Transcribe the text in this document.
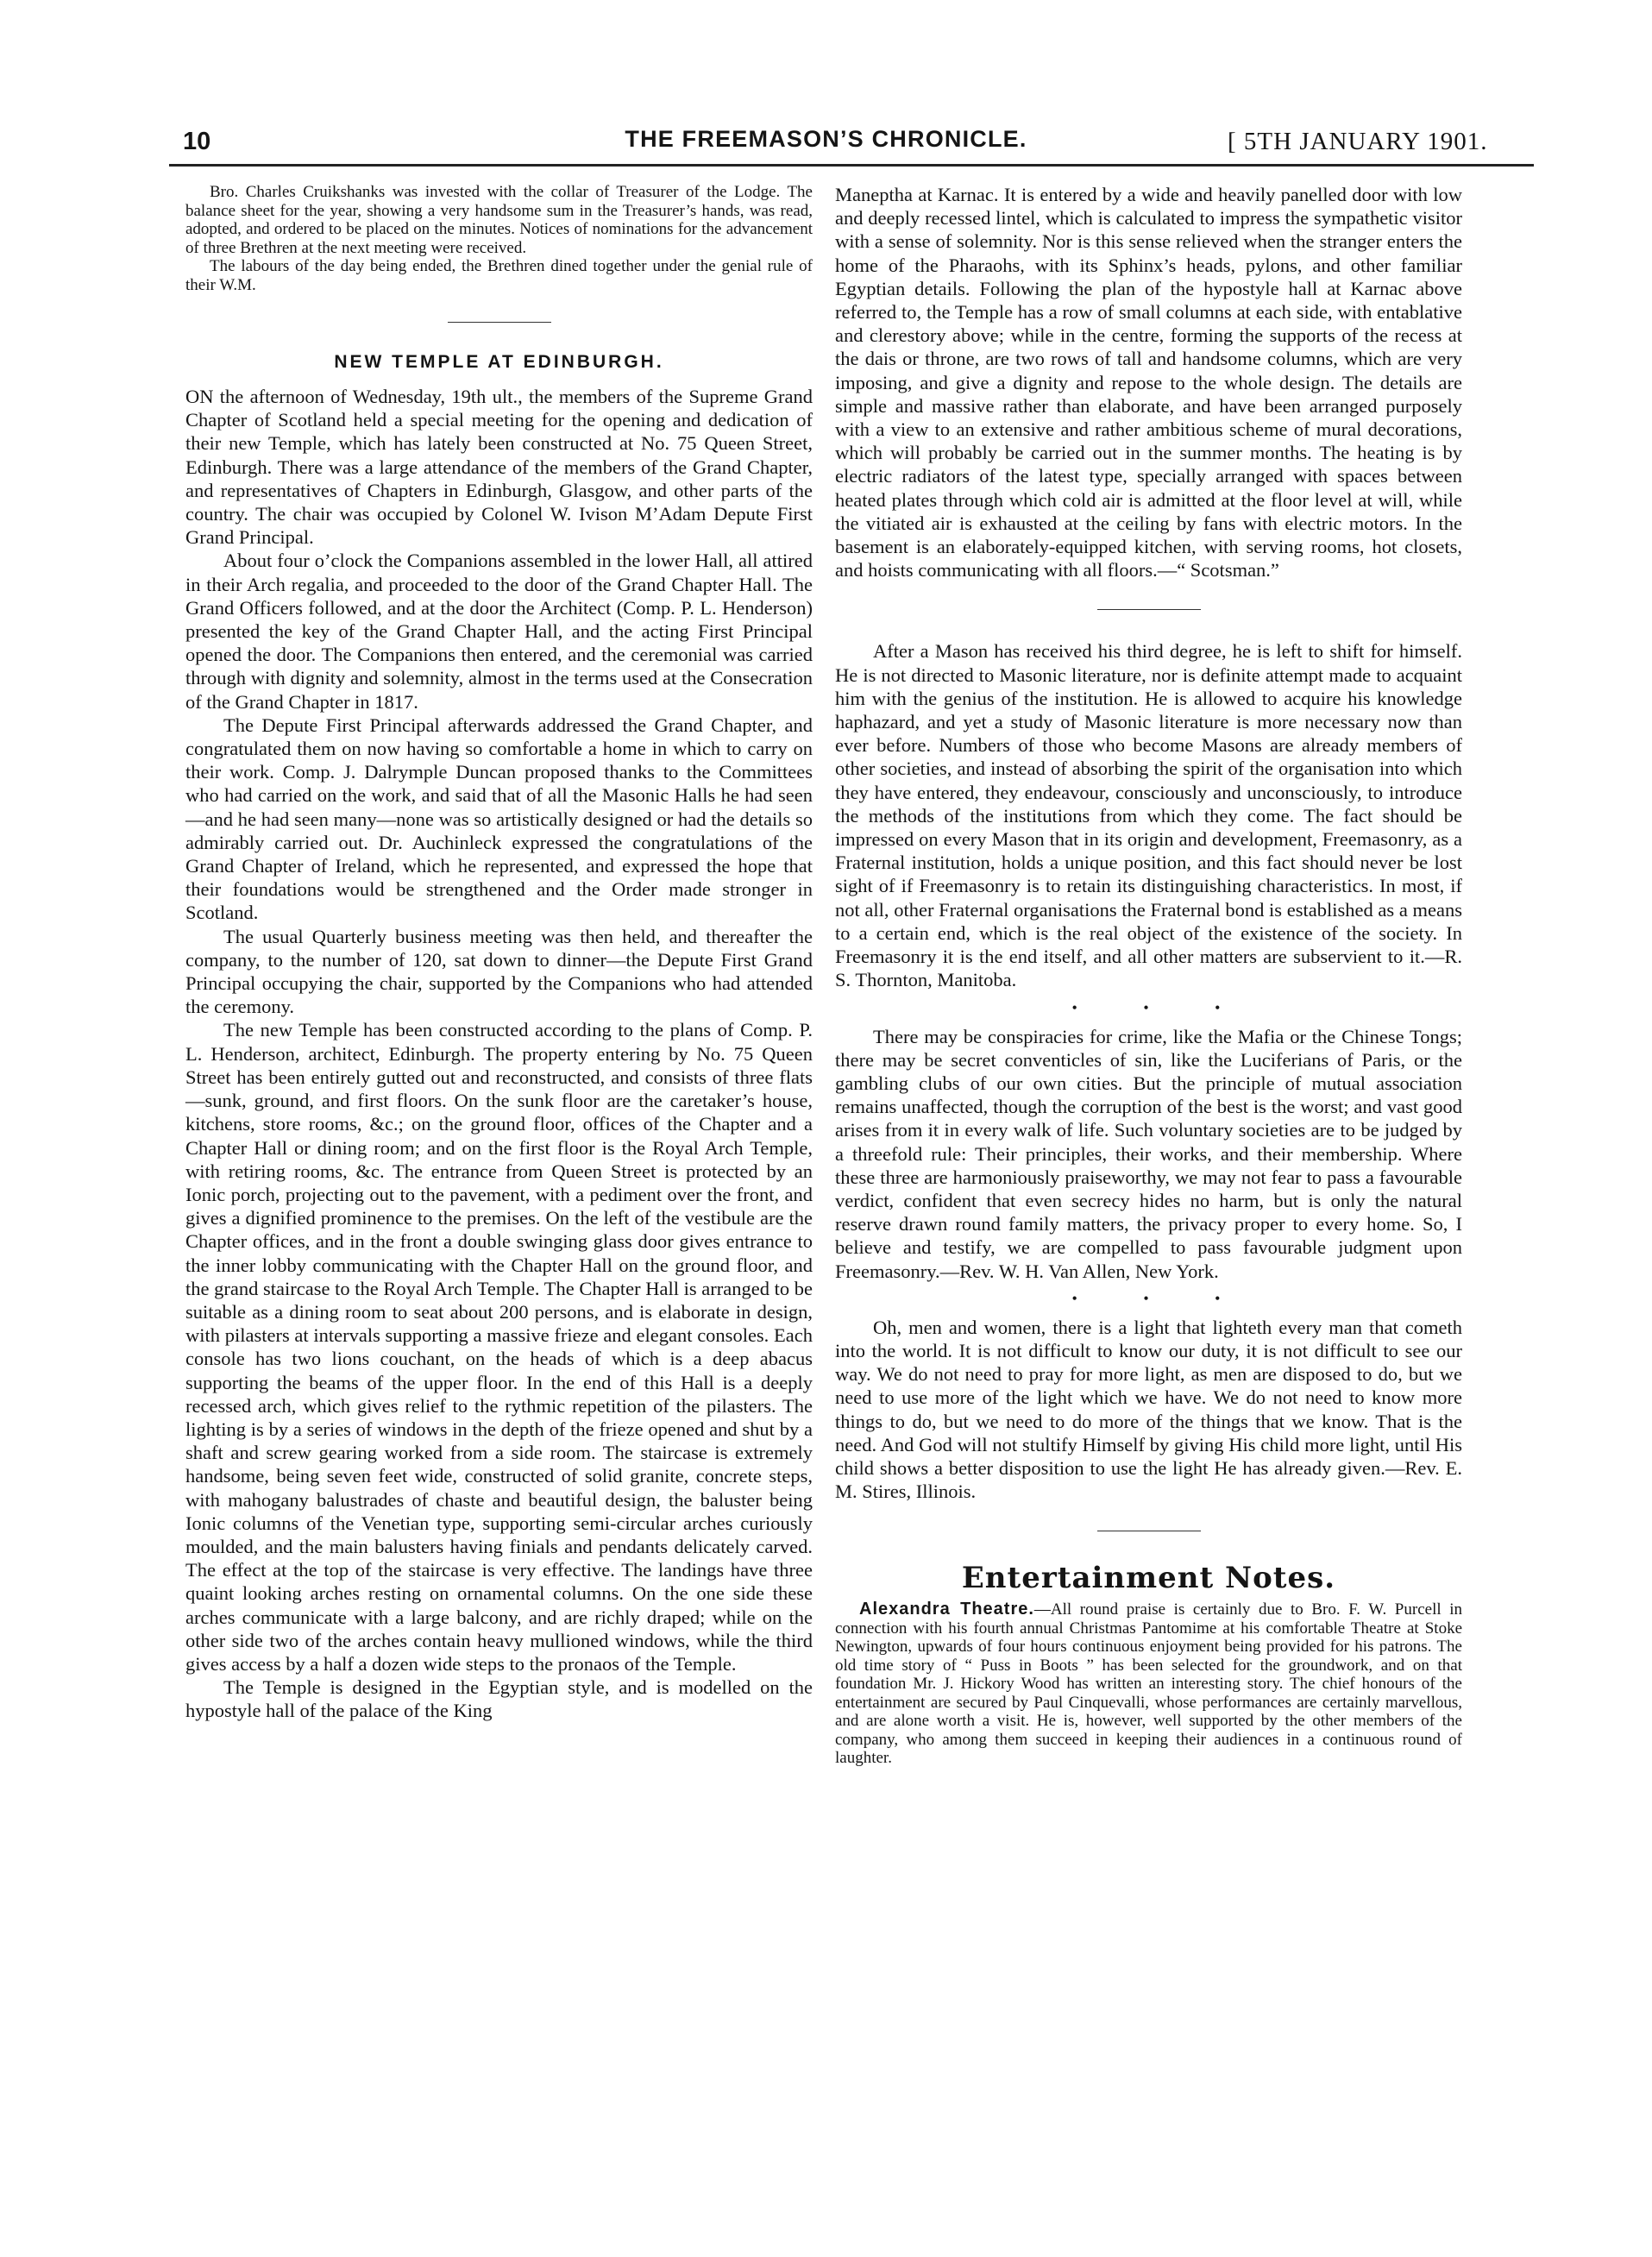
10	THE FREEMASON’S CHRONICLE.	[ 5TH JANUARY 1901.

Bro. Charles Cruikshanks was invested with the collar of Treasurer of the Lodge. The balance sheet for the year, showing a very handsome sum in the Treasurer’s hands, was read, adopted, and ordered to be placed on the minutes. Notices of nominations for the advancement of three Brethren at the next meeting were received.

The labours of the day being ended, the Brethren dined together under the genial rule of their W.M.

NEW TEMPLE AT EDINBURGH.

ON the afternoon of Wednesday, 19th ult., the members of the Supreme Grand Chapter of Scotland held a special meeting for the opening and dedication of their new Temple, which has lately been constructed at No. 75 Queen Street, Edinburgh. There was a large attendance of the members of the Grand Chapter, and representatives of Chapters in Edinburgh, Glasgow, and other parts of the country. The chair was occupied by Colonel W. Ivison M’Adam Depute First Grand Principal.

About four o’clock the Companions assembled in the lower Hall, all attired in their Arch regalia, and proceeded to the door of the Grand Chapter Hall. The Grand Officers followed, and at the door the Architect (Comp. P. L. Henderson) presented the key of the Grand Chapter Hall, and the acting First Principal opened the door. The Companions then entered, and the ceremonial was carried through with dignity and solemnity, almost in the terms used at the Consecration of the Grand Chapter in 1817.

The Depute First Principal afterwards addressed the Grand Chapter, and congratulated them on now having so comfortable a home in which to carry on their work. Comp. J. Dalrymple Duncan proposed thanks to the Committees who had carried on the work, and said that of all the Masonic Halls he had seen—and he had seen many—none was so artistically designed or had the details so admirably carried out. Dr. Auchinleck expressed the congratulations of the Grand Chapter of Ireland, which he represented, and expressed the hope that their foundations would be strengthened and the Order made stronger in Scotland.

The usual Quarterly business meeting was then held, and thereafter the company, to the number of 120, sat down to dinner—the Depute First Grand Principal occupying the chair, supported by the Companions who had attended the ceremony.

The new Temple has been constructed according to the plans of Comp. P. L. Henderson, architect, Edinburgh. The property entering by No. 75 Queen Street has been entirely gutted out and reconstructed, and consists of three flats—sunk, ground, and first floors. On the sunk floor are the caretaker’s house, kitchens, store rooms, &c.; on the ground floor, offices of the Chapter and a Chapter Hall or dining room; and on the first floor is the Royal Arch Temple, with retiring rooms, &c. The entrance from Queen Street is protected by an Ionic porch, projecting out to the pavement, with a pediment over the front, and gives a dignified prominence to the premises. On the left of the vestibule are the Chapter offices, and in the front a double swinging glass door gives entrance to the inner lobby communicating with the Chapter Hall on the ground floor, and the grand staircase to the Royal Arch Temple. The Chapter Hall is arranged to be suitable as a dining room to seat about 200 persons, and is elaborate in design, with pilasters at intervals supporting a massive frieze and elegant consoles. Each console has two lions couchant, on the heads of which is a deep abacus supporting the beams of the upper floor. In the end of this Hall is a deeply recessed arch, which gives relief to the rythmic repetition of the pilasters. The lighting is by a series of windows in the depth of the frieze opened and shut by a shaft and screw gearing worked from a side room. The staircase is extremely handsome, being seven feet wide, constructed of solid granite, concrete steps, with mahogany balustrades of chaste and beautiful design, the baluster being Ionic columns of the Venetian type, supporting semi-circular arches curiously moulded, and the main balusters having finials and pendants delicately carved. The effect at the top of the staircase is very effective. The landings have three quaint looking arches resting on ornamental columns. On the one side these arches communicate with a large balcony, and are richly draped; while on the other side two of the arches contain heavy mullioned windows, while the third gives access by a half a dozen wide steps to the pronaos of the Temple.

The Temple is designed in the Egyptian style, and is modelled on the hypostyle hall of the palace of the King

Maneptha at Karnac. It is entered by a wide and heavily panelled door with low and deeply recessed lintel, which is calculated to impress the sympathetic visitor with a sense of solemnity. Nor is this sense relieved when the stranger enters the home of the Pharaohs, with its Sphinx’s heads, pylons, and other familiar Egyptian details. Following the plan of the hypostyle hall at Karnac above referred to, the Temple has a row of small columns at each side, with entablative and clerestory above; while in the centre, forming the supports of the recess at the dais or throne, are two rows of tall and handsome columns, which are very imposing, and give a dignity and repose to the whole design. The details are simple and massive rather than elaborate, and have been arranged purposely with a view to an extensive and rather ambitious scheme of mural decorations, which will probably be carried out in the summer months. The heating is by electric radiators of the latest type, specially arranged with spaces between heated plates through which cold air is admitted at the floor level at will, while the vitiated air is exhausted at the ceiling by fans with electric motors. In the basement is an elaborately-equipped kitchen, with serving rooms, hot closets, and hoists communicating with all floors.—“ Scotsman.”

After a Mason has received his third degree, he is left to shift for himself. He is not directed to Masonic literature, nor is definite attempt made to acquaint him with the genius of the institution. He is allowed to acquire his knowledge haphazard, and yet a study of Masonic literature is more necessary now than ever before. Numbers of those who become Masons are already members of other societies, and instead of absorbing the spirit of the organisation into which they have entered, they endeavour, consciously and unconsciously, to introduce the methods of the institutions from which they come. The fact should be impressed on every Mason that in its origin and development, Freemasonry, as a Fraternal institution, holds a unique position, and this fact should never be lost sight of if Freemasonry is to retain its distinguishing characteristics. In most, if not all, other Fraternal organisations the Fraternal bond is established as a means to a certain end, which is the real object of the existence of the society. In Freemasonry it is the end itself, and all other matters are subservient to it.—R. S. Thornton, Manitoba.

• • •

There may be conspiracies for crime, like the Mafia or the Chinese Tongs; there may be secret conventicles of sin, like the Luciferians of Paris, or the gambling clubs of our own cities. But the principle of mutual association remains unaffected, though the corruption of the best is the worst; and vast good arises from it in every walk of life. Such voluntary societies are to be judged by a threefold rule: Their principles, their works, and their membership. Where these three are harmoniously praiseworthy, we may not fear to pass a favourable verdict, confident that even secrecy hides no harm, but is only the natural reserve drawn round family matters, the privacy proper to every home. So, I believe and testify, we are compelled to pass favourable judgment upon Freemasonry.—Rev. W. H. Van Allen, New York.

• • •

Oh, men and women, there is a light that lighteth every man that cometh into the world. It is not difficult to know our duty, it is not difficult to see our way. We do not need to pray for more light, as men are disposed to do, but we need to use more of the light which we have. We do not need to know more things to do, but we need to do more of the things that we know. That is the need. And God will not stultify Himself by giving His child more light, until His child shows a better disposition to use the light He has already given.—Rev. E. M. Stires, Illinois.

Entertainment Notes.

Alexandra Theatre.—All round praise is certainly due to Bro. F. W. Purcell in connection with his fourth annual Christmas Pantomime at his comfortable Theatre at Stoke Newington, upwards of four hours continuous enjoyment being provided for his patrons. The old time story of “ Puss in Boots ” has been selected for the groundwork, and on that foundation Mr. J. Hickory Wood has written an interesting story. The chief honours of the entertainment are secured by Paul Cinquevalli, whose performances are certainly marvellous, and are alone worth a visit. He is, however, well supported by the other members of the company, who among them succeed in keeping their audiences in a continuous round of laughter.
